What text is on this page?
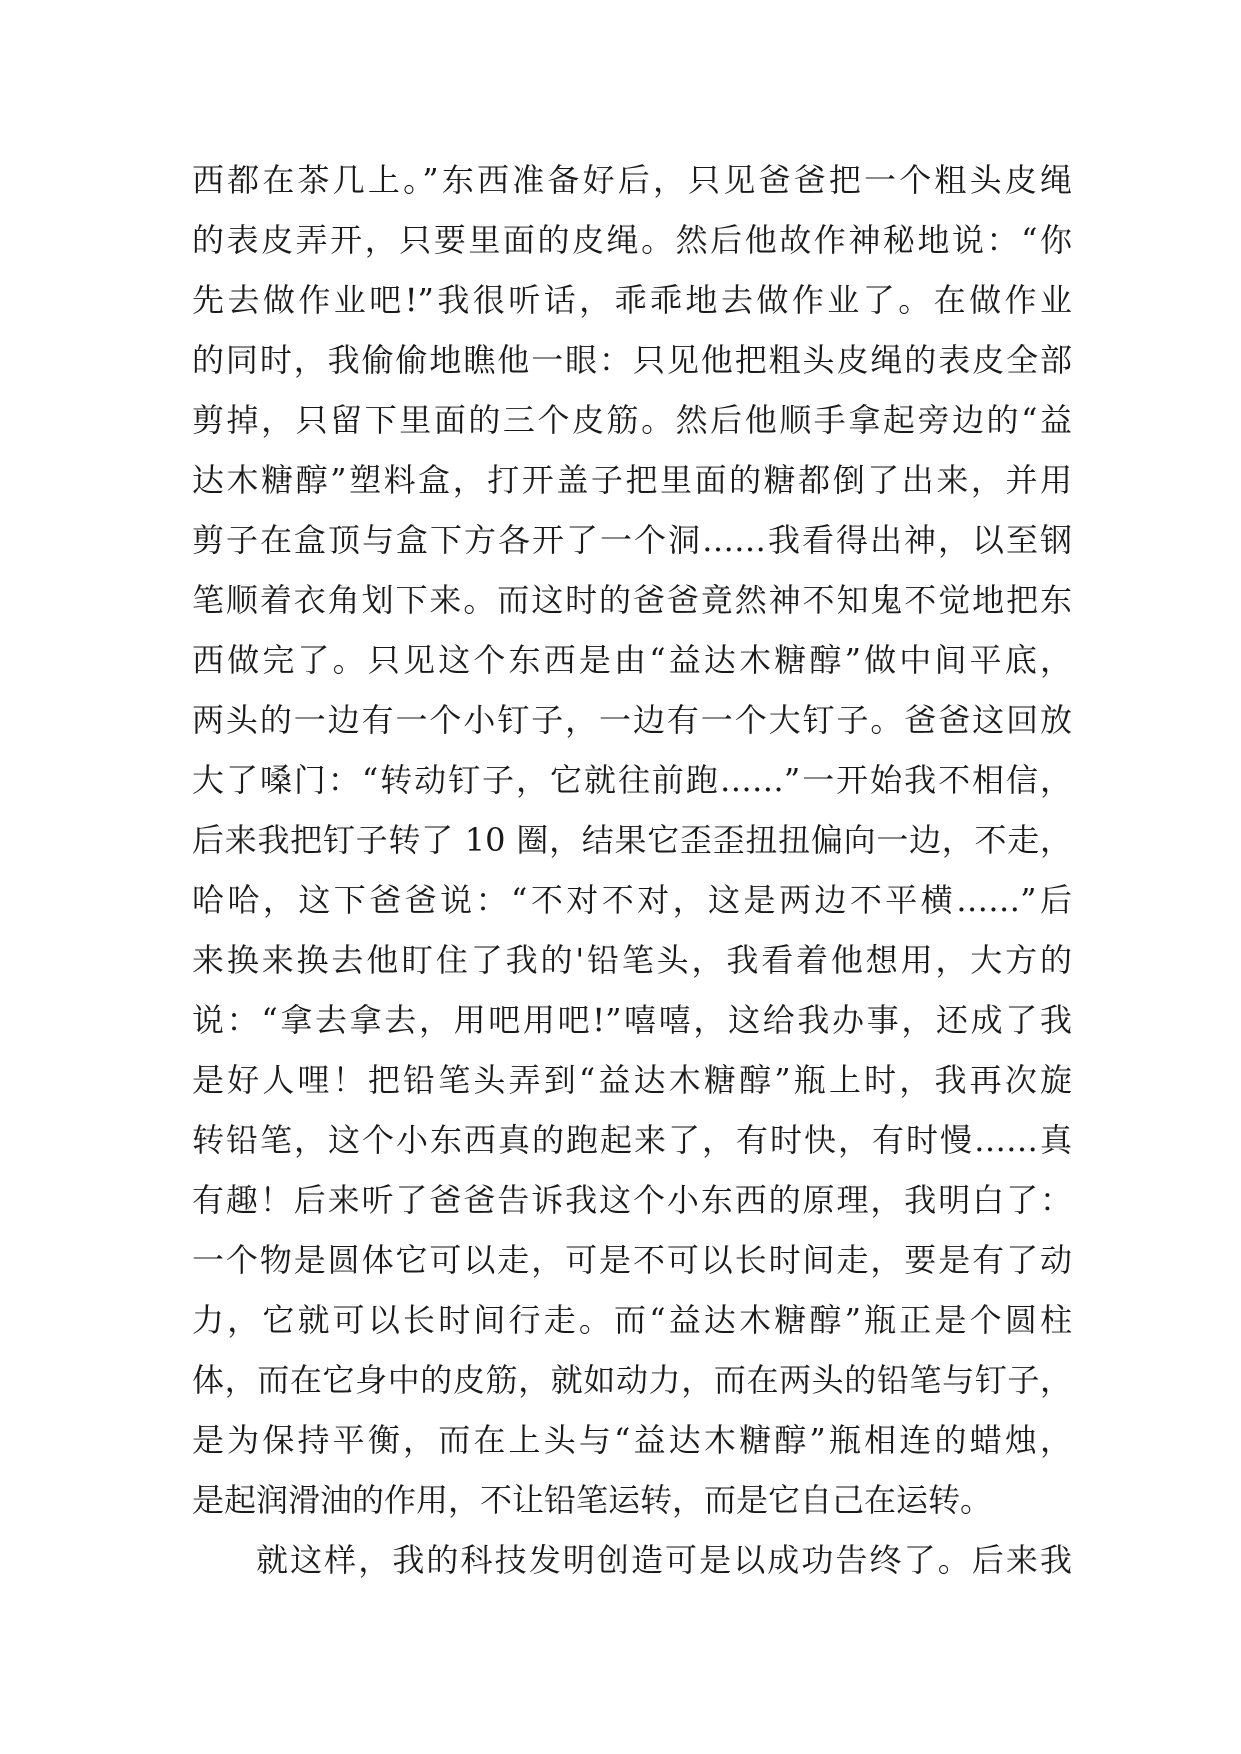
西都在茶几上。”东西准备好后，只见爸爸把一个粗头皮绳
的表皮弄开，只要里面的皮绳。然后他故作神秘地说：“你
先去做作业吧!”我很听话，乖乖地去做作业了。在做作业
的同时，我偷偷地瞧他一眼：只见他把粗头皮绳的表皮全部
剪掉，只留下里面的三个皮筋。然后他顺手拿起旁边的“益
达木糖醇”塑料盒，打开盖子把里面的糖都倒了出来，并用
剪子在盒顶与盒下方各开了一个洞……我看得出神，以至钢
笔顺着衣角划下来。而这时的爸爸竟然神不知鬼不觉地把东
西做完了。只见这个东西是由“益达木糖醇”做中间平底，
两头的一边有一个小钉子，一边有一个大钉子。爸爸这回放
大了嗓门：“转动钉子，它就往前跑……”一开始我不相信，
后来我把钉子转了 10 圈，结果它歪歪扭扭偏向一边，不走，
哈哈，这下爸爸说：“不对不对，这是两边不平横……”后
来换来换去他盯住了我的'铅笔头，我看着他想用，大方的
说：“拿去拿去，用吧用吧!”嘻嘻，这给我办事，还成了我
是好人哩！把铅笔头弄到“益达木糖醇”瓶上时，我再次旋
转铅笔，这个小东西真的跑起来了，有时快，有时慢……真
有趣！后来听了爸爸告诉我这个小东西的原理，我明白了：
一个物是圆体它可以走，可是不可以长时间走，要是有了动
力，它就可以长时间行走。而“益达木糖醇”瓶正是个圆柱
体，而在它身中的皮筋，就如动力，而在两头的铅笔与钉子，
是为保持平衡，而在上头与“益达木糖醇”瓶相连的蜡烛，
是起润滑油的作用，不让铅笔运转，而是它自己在运转。
就这样，我的科技发明创造可是以成功告终了。后来我
